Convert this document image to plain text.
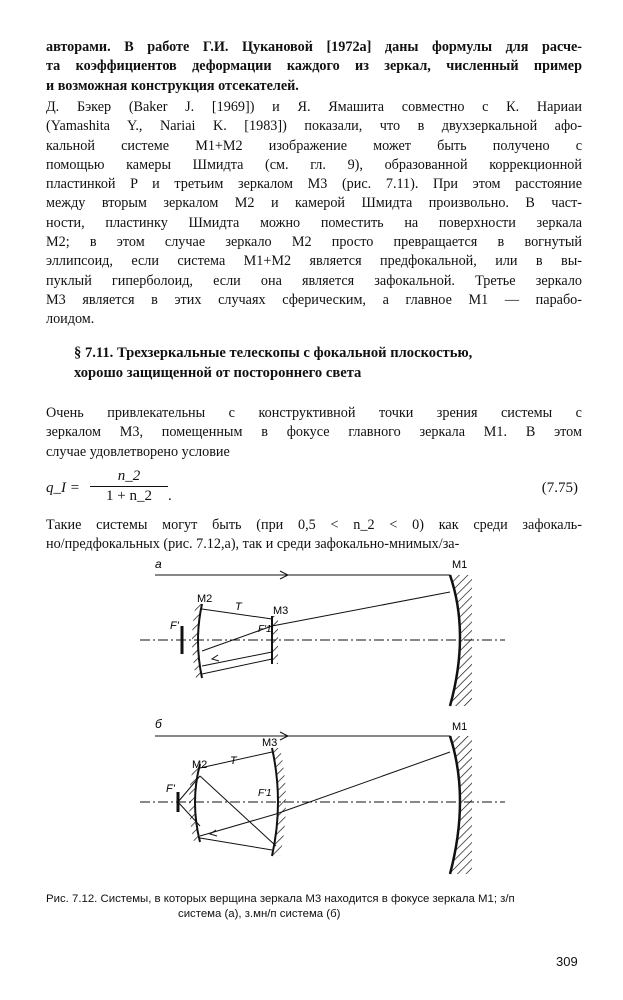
авторами. В работе Г.И. Цукановой [1972а] даны формулы для расче-
та коэффициентов деформации каждого из зеркал, численный пример
и возможная конструкция отсекателей.
Д. Бэкер (Baker J. [1969]) и Я. Ямашита совместно с К. Нариаи
(Yamashita Y., Nariai K. [1983]) показали, что в двухзеркальной афо-
кальной системе M1+M2 изображение может быть получено с
помощью камеры Шмидта (см. гл. 9), образованной коррекционной
пластинкой P и третьим зеркалом M3 (рис. 7.11). При этом расстояние
между вторым зеркалом M2 и камерой Шмидта произвольно. В част-
ности, пластинку Шмидта можно поместить на поверхности зеркала
M2; в этом случае зеркало M2 просто превращается в вогнутый
эллипсоид, если система M1+M2 является предфокальной, или в вы-
пуклый гиперболоид, если она является зафокальной. Третье зеркало
M3 является в этих случаях сферическим, а главное M1 — парабо-
лоидом.
§ 7.11. Трехзеркальные телескопы с фокальной плоскостью,
хорошо защищенной от постороннего света
Очень привлекательны с конструктивной точки зрения системы с
зеркалом M3, помещенным в фокусе главного зеркала M1. В этом
случае удовлетворено условие
q_I = $\frac{n\_2}{1 + n\_2}$ .	(7.75)
Такие системы могут быть (при 0,5 < n_2 < 0) как среди зафокаль-
но/предфокальных (рис. 7.12,a), так и среди зафокально-мнимых/за-
a	M1
M2
T	M3
F'	F'1
б	M1
M2 T
M3
F'	F'1
Рис. 7.12. Системы, в которых верщина зеркала M3 находится в фокусе зеркала M1; з/п
система (а), з.мн/п система (б)
309
